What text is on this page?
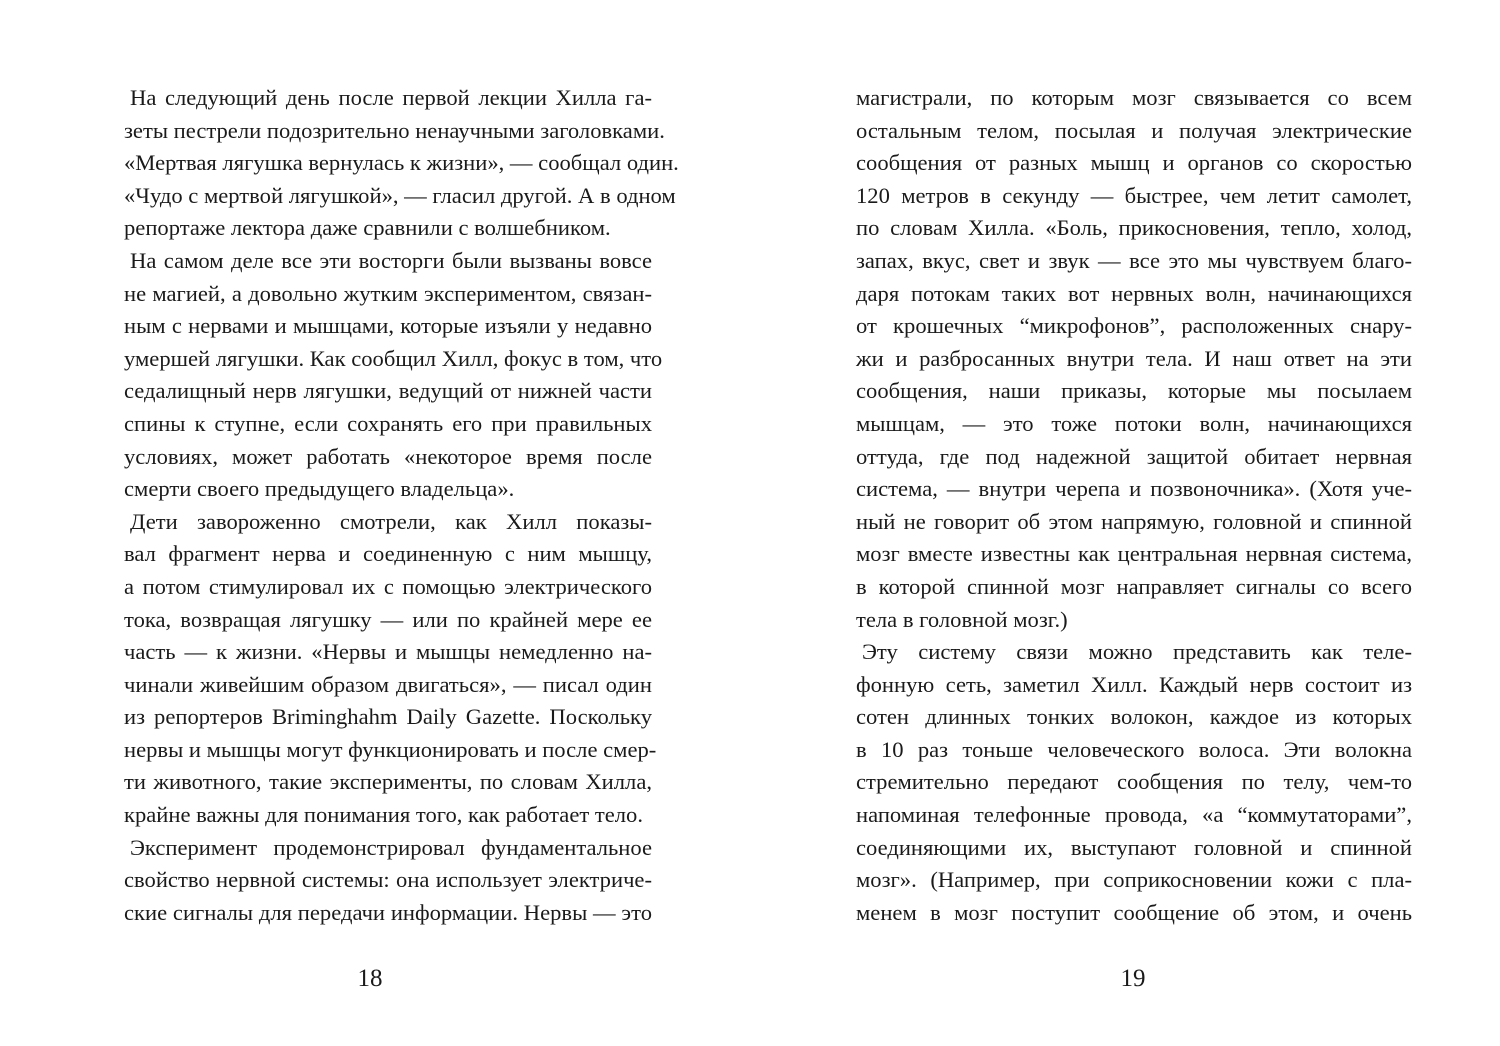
На следующий день после первой лекции Хилла га-
зеты пестрели подозрительно ненаучными заголовками.
«Мертвая лягушка вернулась к жизни», — сообщал один.
«Чудо с мертвой лягушкой», — гласил другой. А в одном
репортаже лектора даже сравнили с волшебником.
На самом деле все эти восторги были вызваны вовсе
не магией, а довольно жутким экспериментом, связан-
ным с нервами и мышцами, которые изъяли у недавно
умершей лягушки. Как сообщил Хилл, фокус в том, что
седалищный нерв лягушки, ведущий от нижней части
спины к ступне, если сохранять его при правильных
условиях, может работать «некоторое время после
смерти своего предыдущего владельца».
Дети завороженно смотрели, как Хилл показы-
вал фрагмент нерва и соединенную с ним мышцу,
а потом стимулировал их с помощью электрического
тока, возвращая лягушку — или по крайней мере ее
часть — к жизни. «Нервы и мышцы немедленно на-
чинали живейшим образом двигаться», — писал один
из репортеров Briminghahm Daily Gazette. Поскольку
нервы и мышцы могут функционировать и после смер-
ти животного, такие эксперименты, по словам Хилла,
крайне важны для понимания того, как работает тело.
Эксперимент продемонстрировал фундаментальное
свойство нервной системы: она использует электриче-
ские сигналы для передачи информации. Нервы — это
18
магистрали, по которым мозг связывается со всем
остальным телом, посылая и получая электрические
сообщения от разных мышц и органов со скоростью
120 метров в секунду — быстрее, чем летит самолет,
по словам Хилла. «Боль, прикосновения, тепло, холод,
запах, вкус, свет и звук — все это мы чувствуем благо-
даря потокам таких вот нервных волн, начинающихся
от крошечных “микрофонов”, расположенных снару-
жи и разбросанных внутри тела. И наш ответ на эти
сообщения, наши приказы, которые мы посылаем
мышцам, — это тоже потоки волн, начинающихся
оттуда, где под надежной защитой обитает нервная
система, — внутри черепа и позвоночника». (Хотя уче-
ный не говорит об этом напрямую, головной и спинной
мозг вместе известны как центральная нервная система,
в которой спинной мозг направляет сигналы со всего
тела в головной мозг.)
Эту систему связи можно представить как теле-
фонную сеть, заметил Хилл. Каждый нерв состоит из
сотен длинных тонких волокон, каждое из которых
в 10 раз тоньше человеческого волоса. Эти волокна
стремительно передают сообщения по телу, чем-то
напоминая телефонные провода, «а “коммутаторами”,
соединяющими их, выступают головной и спинной
мозг». (Например, при соприкосновении кожи с пла-
менем в мозг поступит сообщение об этом, и очень
19
